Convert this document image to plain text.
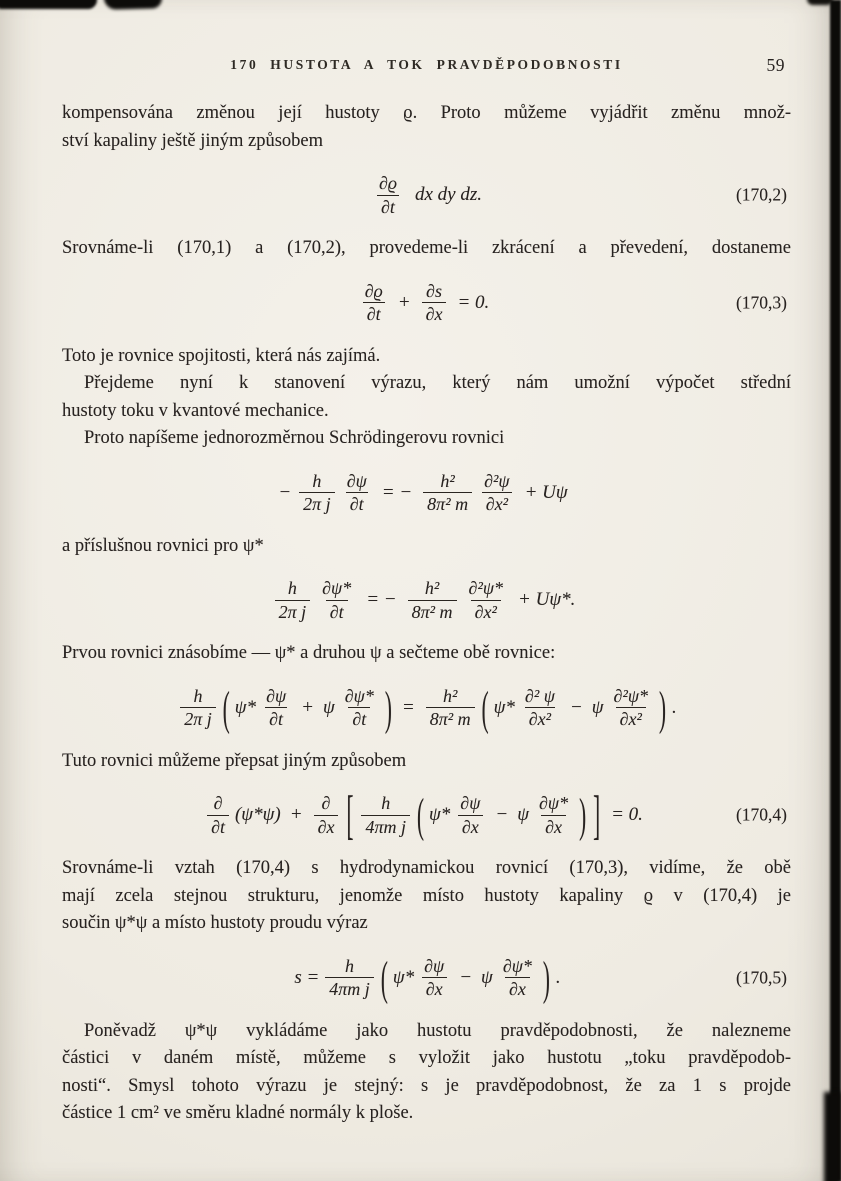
170 HUSTOTA A TOK PRAVDĚPODOBNOSTI	59
kompensována změnou její hustoty ϱ. Proto můžeme vyjádřit změnu množ-
ství kapaliny ještě jiným způsobem
$\frac{\partial ϱ}{\partial t}$ dx dy dz.	(170,2)
Srovnáme-li (170,1) a (170,2), provedeme-li zkrácení a převedení, dostaneme
$\frac{\partial ϱ}{\partial t} + \frac{\partial s}{\partial x} = 0$.	(170,3)
Toto je rovnice spojitosti, která nás zajímá.
Přejdeme nyní k stanovení výrazu, který nám umožní výpočet střední
hustoty toku v kvantové mechanice.
Proto napíšeme jednorozměrnou Schrödingerovu rovnici
− $\frac{h}{\text{2π j}} \frac{\partial\psi}{\partial t}$ = − $\frac{\text{h²}}{\text{8π² m}} \frac{\text{∂²ψ}}{\text{∂x²}} + U\psi$
a příslušnou rovnici pro ψ*
$\frac{h}{\text{2π j}} \frac{\partial\psi*}{\partial t}$ = − $\frac{\text{h²}}{\text{8π² m}} \frac{\text{∂²ψ*}}{\text{∂x²}} + U\psi*$.
Prvou rovnici znásobíme — ψ* a druhou ψ a sečteme obě rovnice:
$\frac{h}{\text{2π j}}$ ( $\psi* \frac{\partial\psi}{\partial t} + \psi \frac{\partial\psi*}{\partial t}$ ) = $\frac{\text{h²}}{\text{8π² m}}$ ( $\psi* \frac{\text{∂² ψ}}{\text{∂x²}} - \psi \frac{\text{∂²ψ*}}{\text{∂x²}}$ ) .
Tuto rovnici můžeme přepsat jiným způsobem
$\frac{\partial}{\partial t} (\psi*\psi) + \frac{\partial}{\partial x}$ [ $\frac{h}{\text{4πm j}}$ ( $\psi* \frac{\partial\psi}{\partial x} - \psi \frac{\partial\psi*}{\partial x}$ ) ] = 0.	(170,4)
Srovnáme-li vztah (170,4) s hydrodynamickou rovnicí (170,3), vidíme, že obě
mají zcela stejnou strukturu, jenomže místo hustoty kapaliny ϱ v (170,4) je
součin ψ*ψ a místo hustoty proudu výraz
$s = \frac{h}{\text{4πm j}}$ ( $\psi* \frac{\partial\psi}{\partial x} - \psi \frac{\partial\psi*}{\partial x}$ ) .	(170,5)
Poněvadž ψ*ψ vykládáme jako hustotu pravděpodobnosti, že nalezneme
částici v daném místě, můžeme s vyložit jako hustotu „toku pravděpodob-
nosti“. Smysl tohoto výrazu je stejný: s je pravděpodobnost, že za 1 s projde
částice 1 cm² ve směru kladné normály k ploše.
